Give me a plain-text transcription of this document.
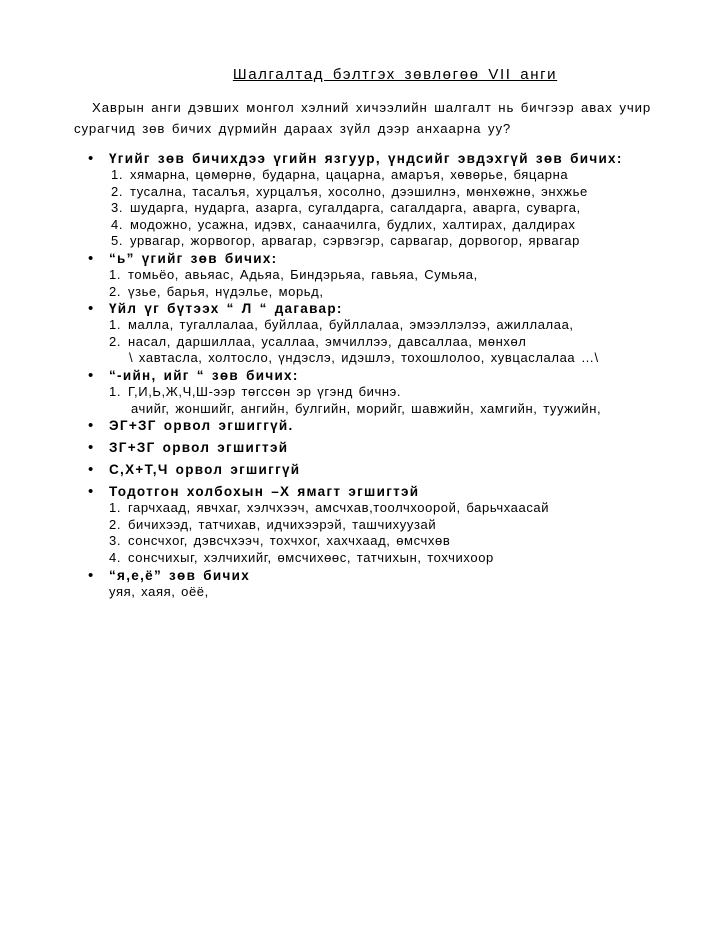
Шалгалтад бэлтгэх зөвлөгөө VII анги
Хаврын анги дэвших монгол хэлний хичээлийн шалгалт нь бичгээр авах учир
сурагчид зөв бичих дүрмийн дараах зүйл дээр анхаарна уу?
• Үгийг зөв бичихдээ үгийн язгуур, үндсийг эвдэхгүй зөв бичих:
1. хямарна, цөмөрнө, бударна, цацарна, амаръя, хөвөрье, бяцарна
2. тусална, тасалъя, хурцалъя, хосолно, дээшилнэ, мөнхөжнө, энхжье
3. шударга, нударга, азарга, сугалдарга, сагалдарга, аварга, суварга,
4. модожно, усажна, идэвх, санаачилга, будлих, халтирах, далдирах
5. урвагар, жорвогор, арвагар, сэрвэгэр, сарвагар, дорвогор, ярвагар
• “ь” үгийг зөв бичих:
1. томьёо, авьяас, Адьяа, Биндэрьяа, гавьяа, Сумьяа,
2. үзье, барья, нүдэлье, морьд,
• Үйл үг бүтээх “ Л “ дагавар:
1. малла, тугаллалаа, буйллаа, буйллалаа, эмээллэлээ, ажиллалаа,
2. насал, даршиллаа, усаллаа, эмчиллээ, давсаллаа, мөнхөл
\ хавтасла, холтосло, үндэслэ, идэшлэ, тохошлолоо, хувцаслалаа …\
• “-ийн, ийг “ зөв бичих:
1. Г,И,Ь,Ж,Ч,Ш-ээр төгссөн эр үгэнд бичнэ.
ачийг, жоншийг, ангийн, булгийн, морийг, шавжийн, хамгийн, туужийн,
• ЭГ+ЗГ орвол эгшиггүй.
• ЗГ+ЗГ орвол эгшигтэй
• С,Х+Т,Ч орвол эгшиггүй
• Тодотгон холбохын –Х ямагт эгшигтэй
1. гарчхаад, явчхаг, хэлчхээч, амсчхав,тоолчхоорой, барьчхаасай
2. бичихээд, татчихав, идчихээрэй, ташчихуузай
3. сонсчхог, дэвсчхээч, тохчхог, хахчхаад, өмсчхөв
4. сонсчихыг, хэлчихийг, өмсчихөөс, татчихын, тохчихоор
• “я,е,ё” зөв бичих
уяя, хаяя, оёё,
